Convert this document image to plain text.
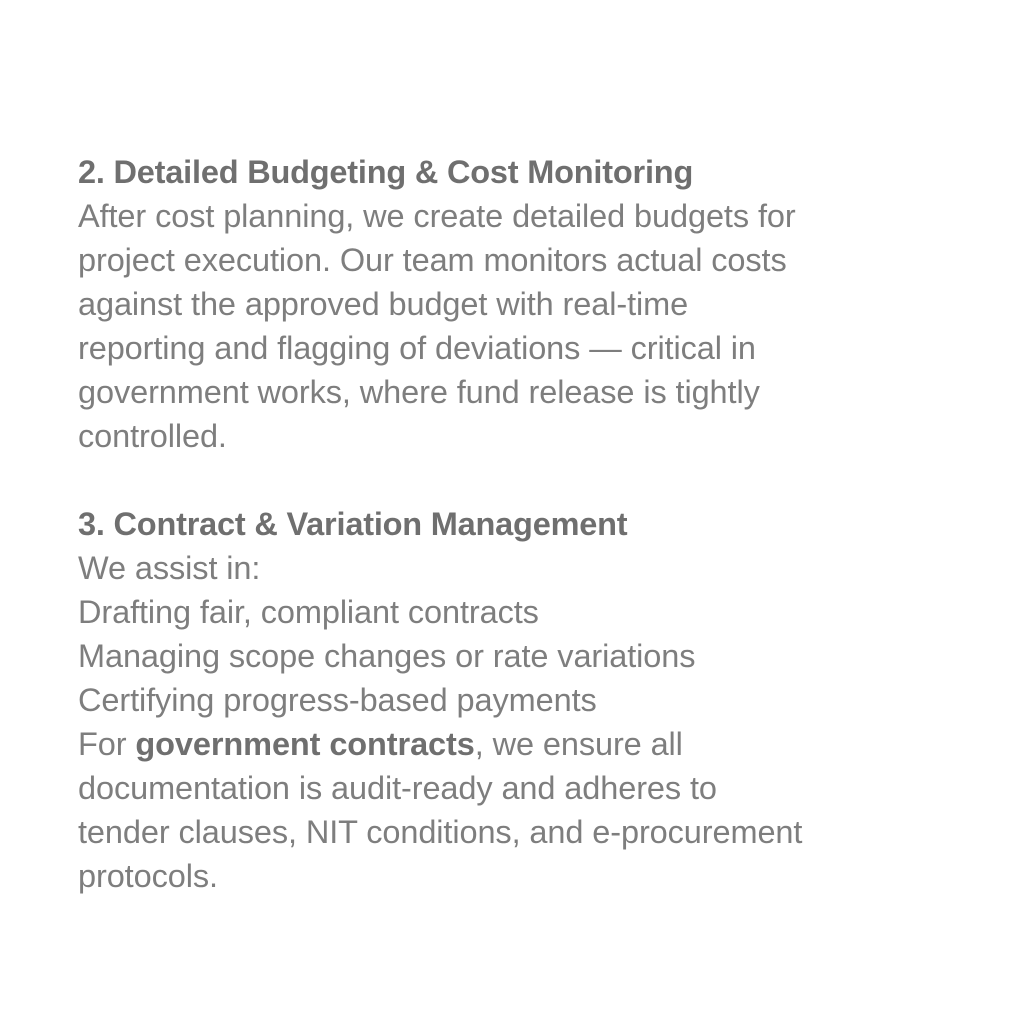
2. Detailed Budgeting & Cost Monitoring
After cost planning, we create detailed budgets for
project execution. Our team monitors actual costs
against the approved budget with real-time
reporting and flagging of deviations — critical in
government works, where fund release is tightly
controlled.
3. Contract & Variation Management
We assist in:
Drafting fair, compliant contracts
Managing scope changes or rate variations
Certifying progress-based payments
For government contracts, we ensure all
documentation is audit-ready and adheres to
tender clauses, NIT conditions, and e-procurement
protocols.
